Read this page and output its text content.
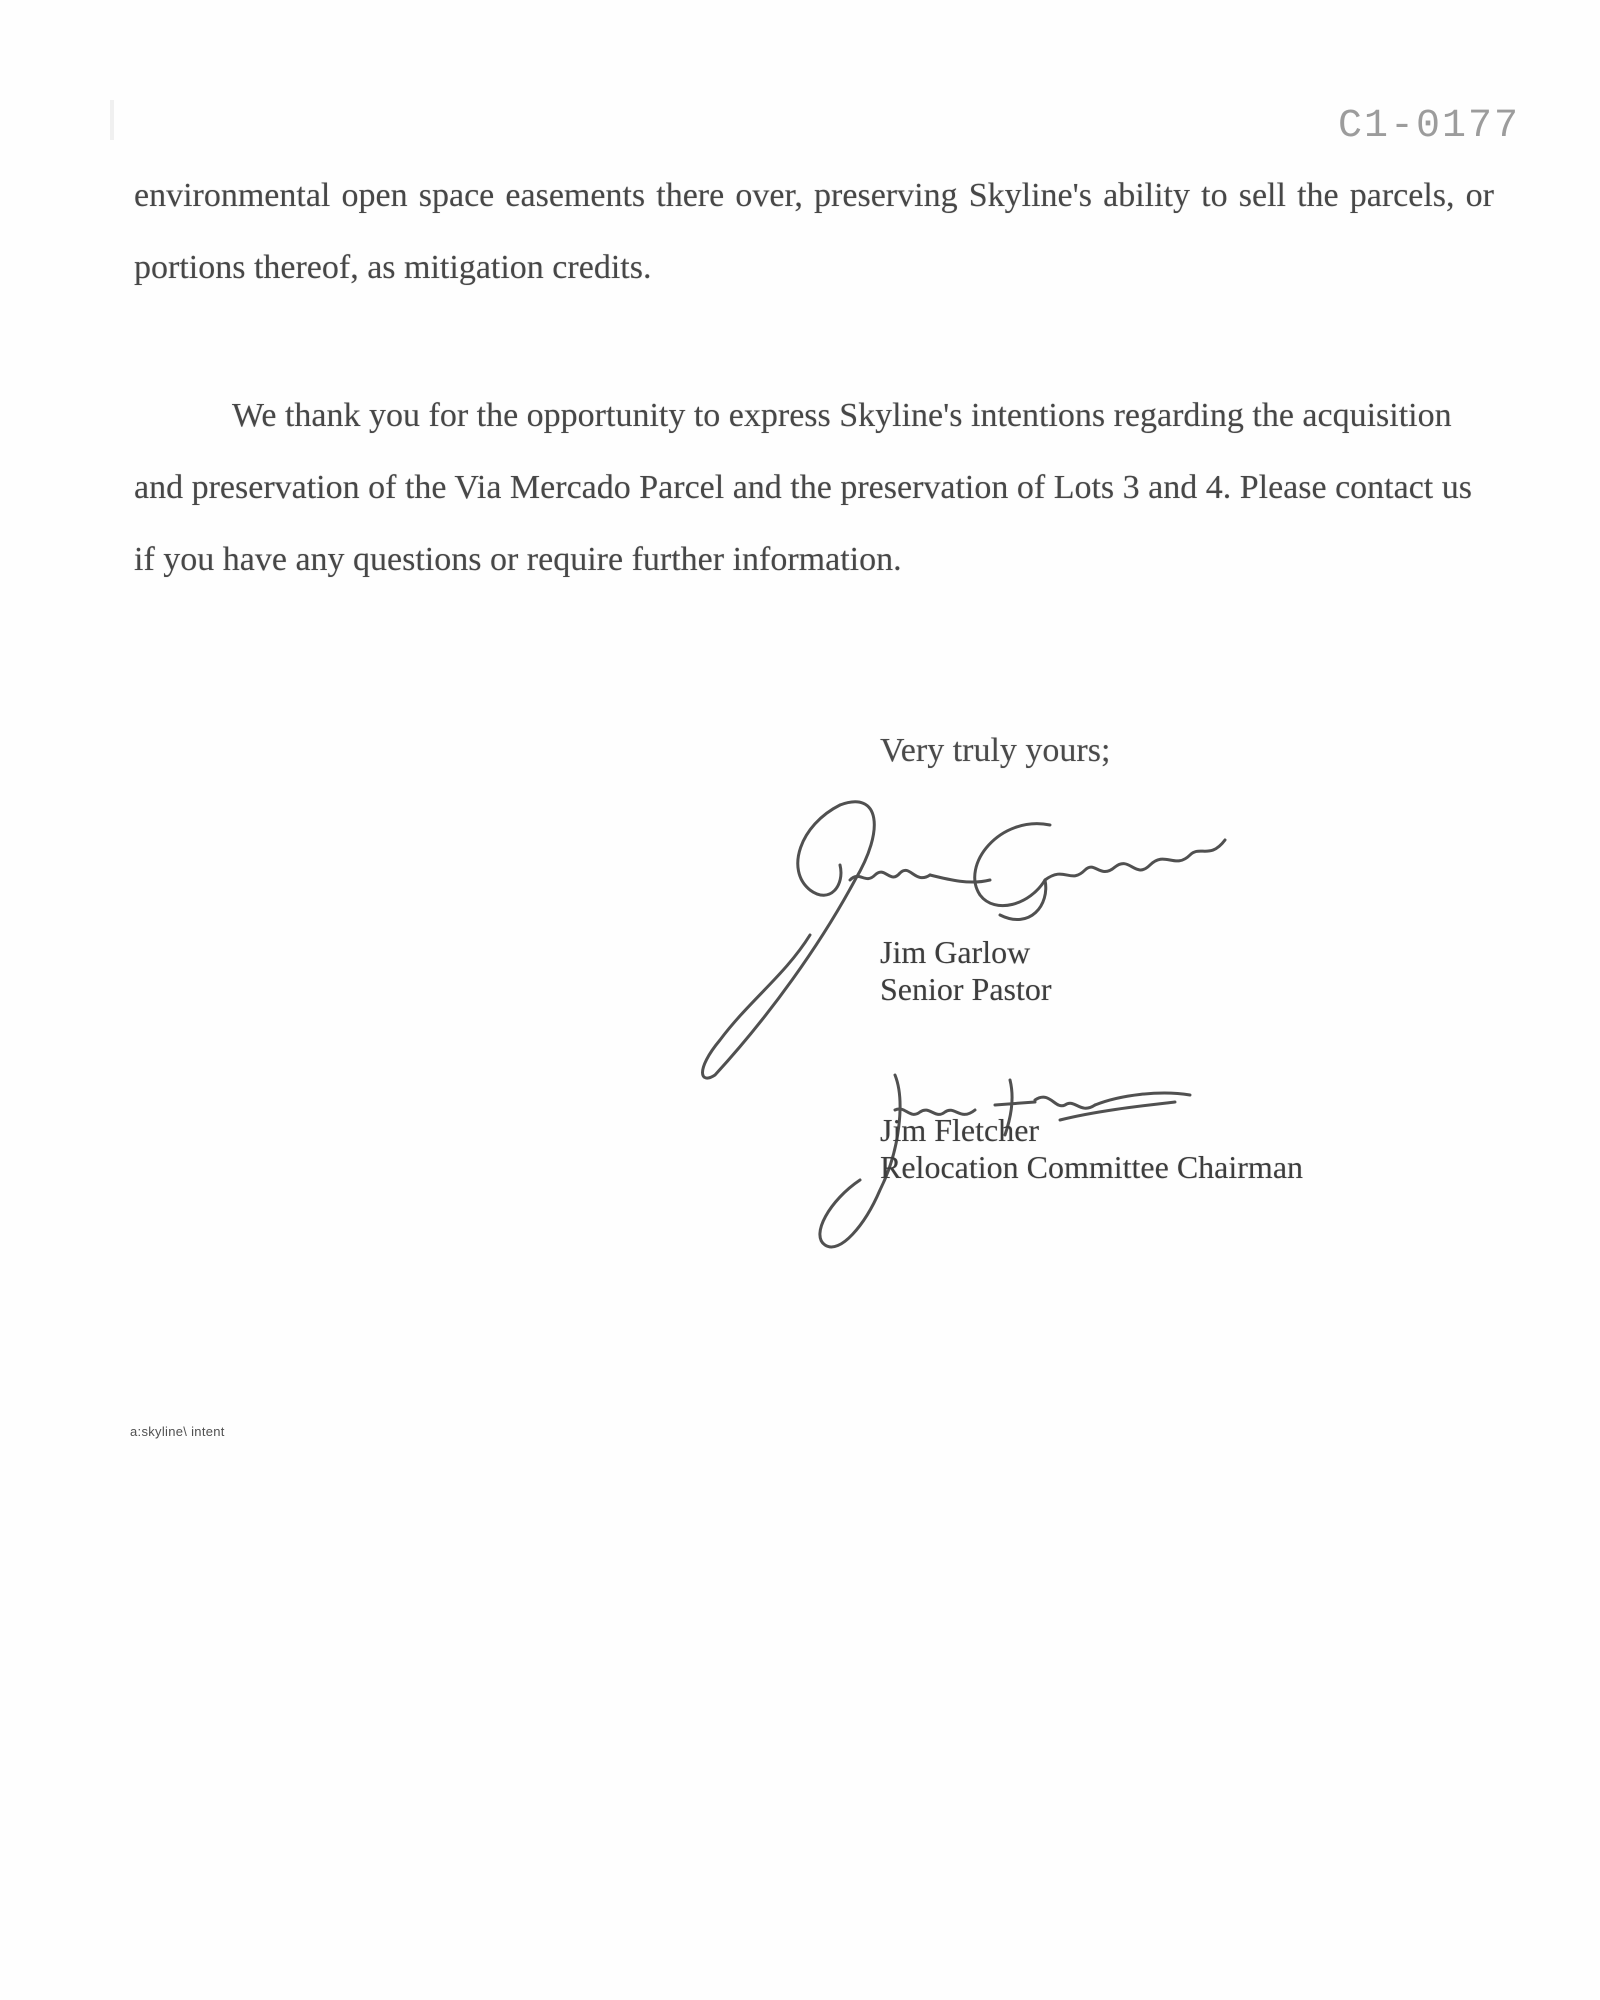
C1-0177

environmental open space easements there over, preserving Skyline's ability to sell the parcels, or portions thereof, as mitigation credits.

We thank you for the opportunity to express Skyline's intentions regarding the acquisition and preservation of the Via Mercado Parcel and the preservation of Lots 3 and 4. Please contact us if you have any questions or require further information.

Very truly yours;
Jim Garlow
Senior Pastor
Jim Fletcher
Relocation Committee Chairman
a:skyline\ intent
